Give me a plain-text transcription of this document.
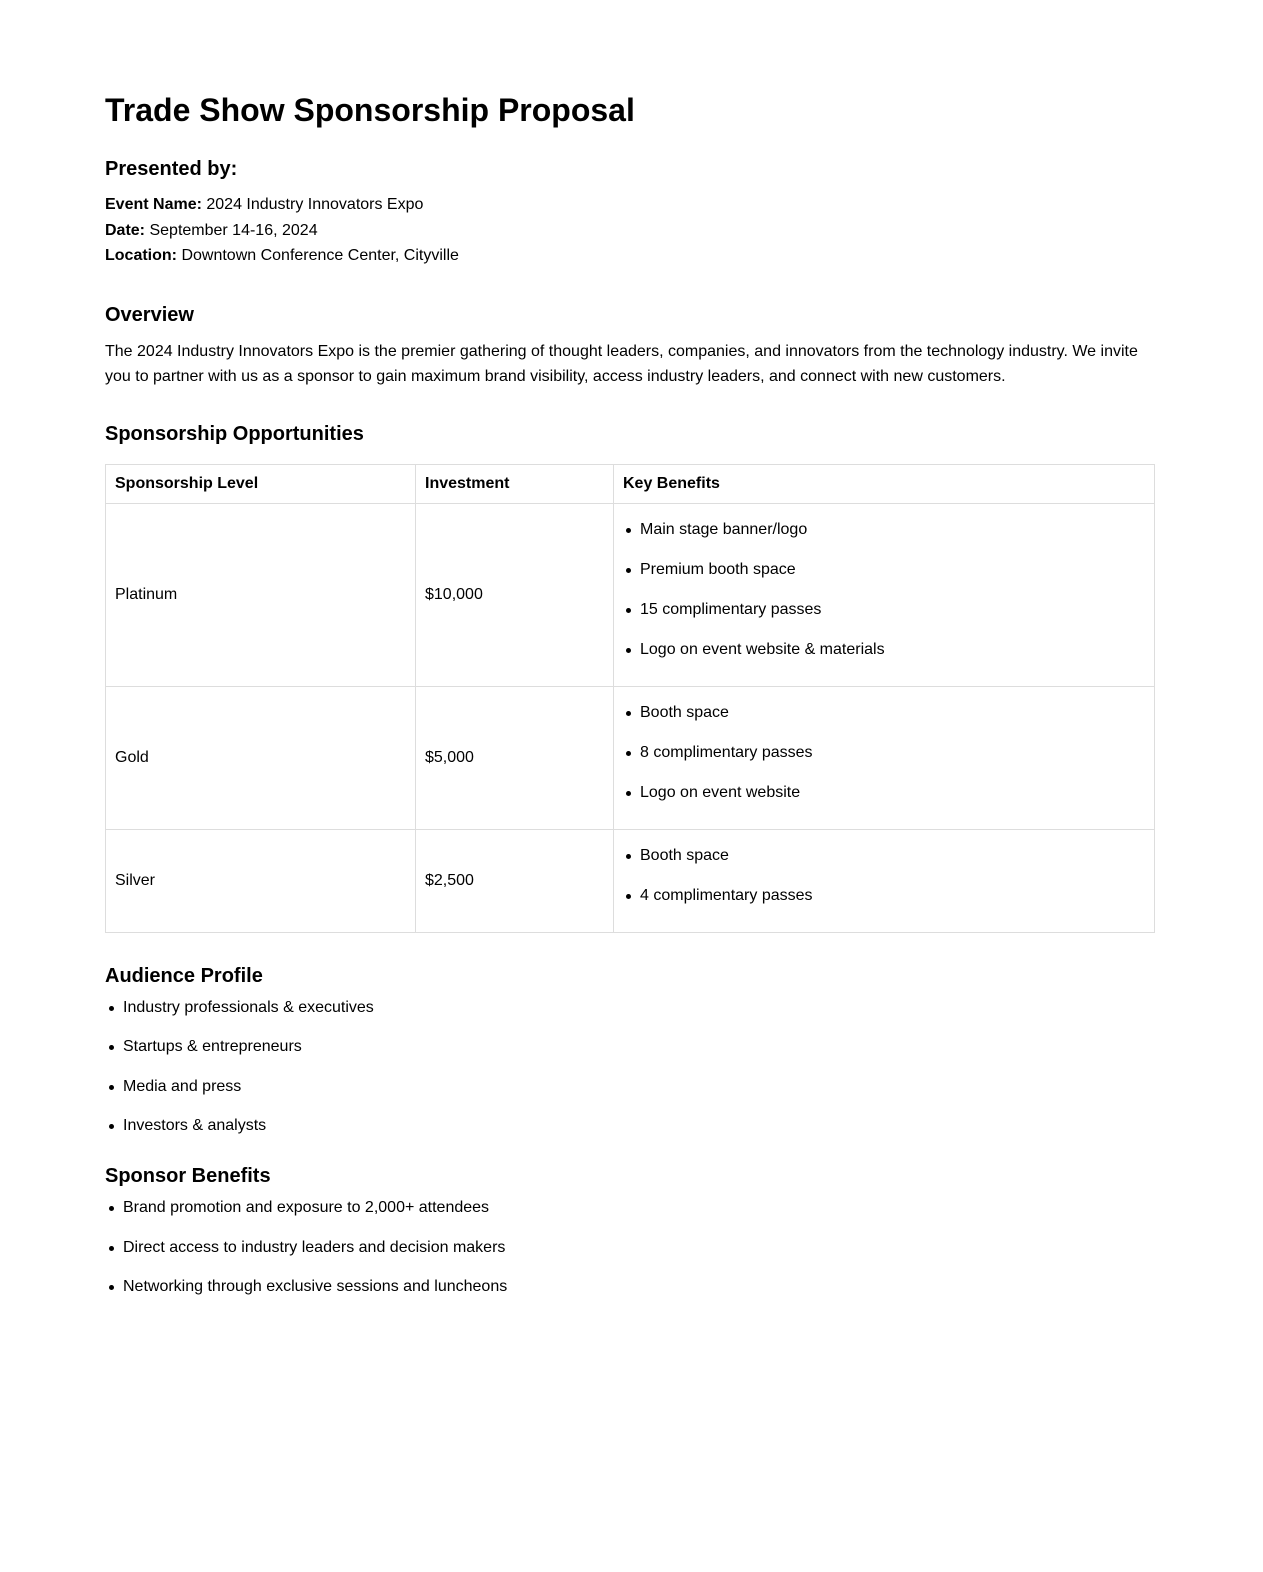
Trade Show Sponsorship Proposal
Presented by:
Event Name: 2024 Industry Innovators Expo
Date: September 14-16, 2024
Location: Downtown Conference Center, Cityville
Overview

The 2024 Industry Innovators Expo is the premier gathering of thought leaders, companies, and innovators from the technology industry. We invite you to partner with us as a sponsor to gain maximum brand visibility, access industry leaders, and connect with new customers.

Sponsorship Opportunities
Sponsorship Level	Investment	Key Benefits
Platinum	$10,000	
Main stage banner/logo
Premium booth space
15 complimentary passes
Logo on event website & materials

Gold	$5,000	
Booth space
8 complimentary passes
Logo on event website

Silver	$2,500	
Booth space
4 complimentary passes
Audience Profile
Industry professionals & executives
Startups & entrepreneurs
Media and press
Investors & analysts
Sponsor Benefits
Brand promotion and exposure to 2,000+ attendees
Direct access to industry leaders and decision makers
Networking through exclusive sessions and luncheons
